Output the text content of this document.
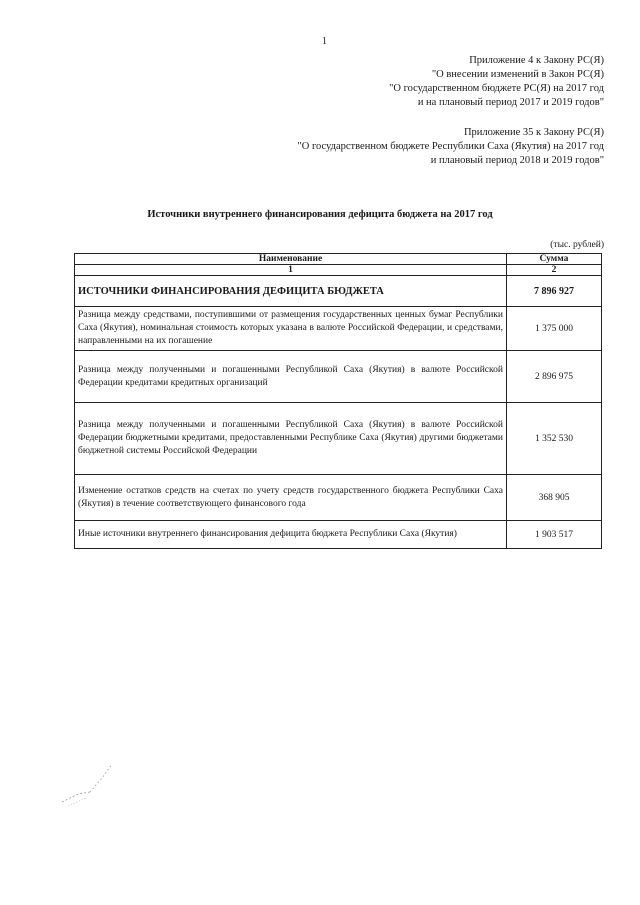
1
Приложение 4 к Закону РС(Я)
"О внесении изменений в Закон РС(Я)
"О государственном бюджете РС(Я) на 2017 год
и на плановый период 2017 и 2019 годов"
Приложение 35 к Закону РС(Я)
"О государственном бюджете Республики Саха (Якутия) на 2017 год
и плановый период 2018 и 2019 годов"
Источники внутреннего финансирования дефицита бюджета на 2017 год
(тыс. рублей)
Наименование	Сумма
1	2
ИСТОЧНИКИ ФИНАНСИРОВАНИЯ ДЕФИЦИТА БЮДЖЕТА	7 896 927
Разница между средствами, поступившими от размещения государственных ценных бумаг Республики Саха (Якутия), номинальная стоимость которых указана в валюте Российской Федерации, и средствами, направленными на их погашение	1 375 000
Разница между полученными и погашенными Республикой Саха (Якутия) в валюте Российской Федерации кредитами кредитных организаций	2 896 975
Разница между полученными и погашенными Республикой Саха (Якутия) в валюте Российской Федерации бюджетными кредитами, предоставленными Республике Саха (Якутия) другими бюджетами бюджетной системы Российской Федерации	1 352 530
Изменение остатков средств на счетах по учету средств государственного бюджета Республики Саха (Якутия) в течение соответствующего финансового года	368 905
Иные источники внутреннего финансирования дефицита бюджета Республики Саха (Якутия)	1 903 517
